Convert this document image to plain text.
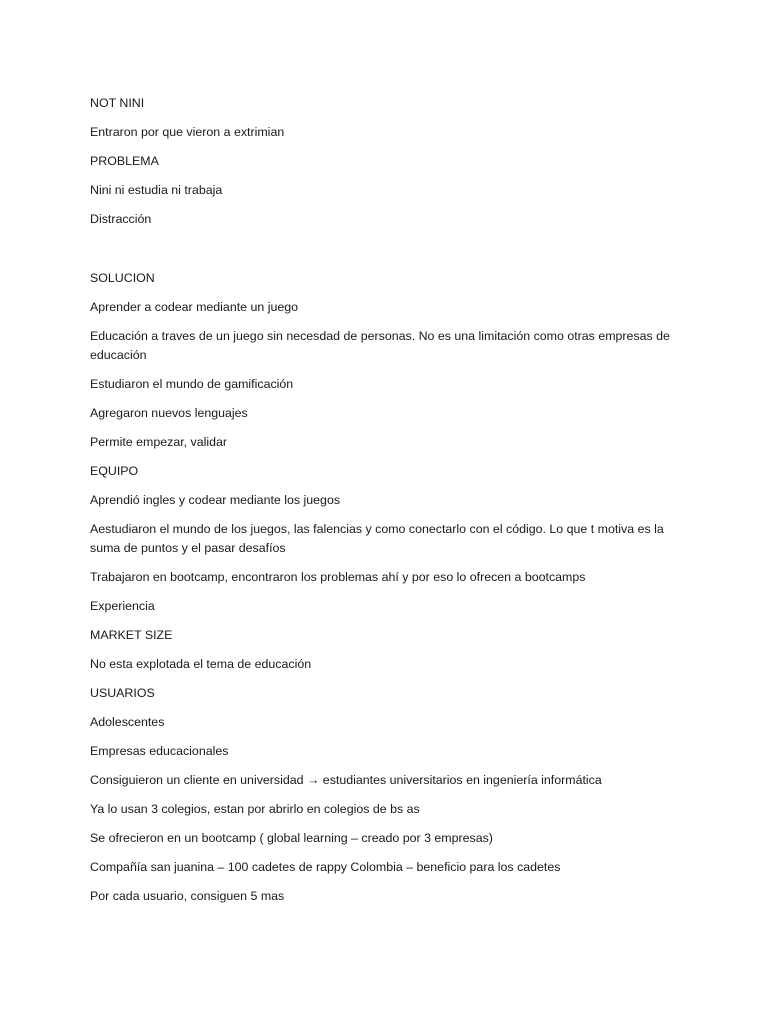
NOT NINI

Entraron por que vieron a extrimian

PROBLEMA

Nini ni estudia ni trabaja

Distracción

SOLUCION

Aprender a codear mediante un juego

Educación a traves de un juego sin necesdad de personas. No es una limitación como otras empresas de educación

Estudiaron el mundo de gamificación

Agregaron nuevos lenguajes

Permite empezar, validar

EQUIPO

Aprendió ingles y codear mediante los juegos

Aestudiaron el mundo de los juegos, las falencias y como conectarlo con el código. Lo que t motiva es la suma de puntos y el pasar desafíos

Trabajaron en bootcamp, encontraron los problemas ahí y por eso lo ofrecen a bootcamps

Experiencia

MARKET SIZE

No esta explotada el tema de educación

USUARIOS

Adolescentes

Empresas educacionales

Consiguieron un cliente en universidad → estudiantes universitarios en ingeniería informática

Ya lo usan 3 colegios, estan por abrirlo en colegios de bs as

Se ofrecieron en un bootcamp ( global learning – creado por 3 empresas)

Compañía san juanina – 100 cadetes de rappy Colombia – beneficio para los cadetes

Por cada usuario, consiguen 5 mas
